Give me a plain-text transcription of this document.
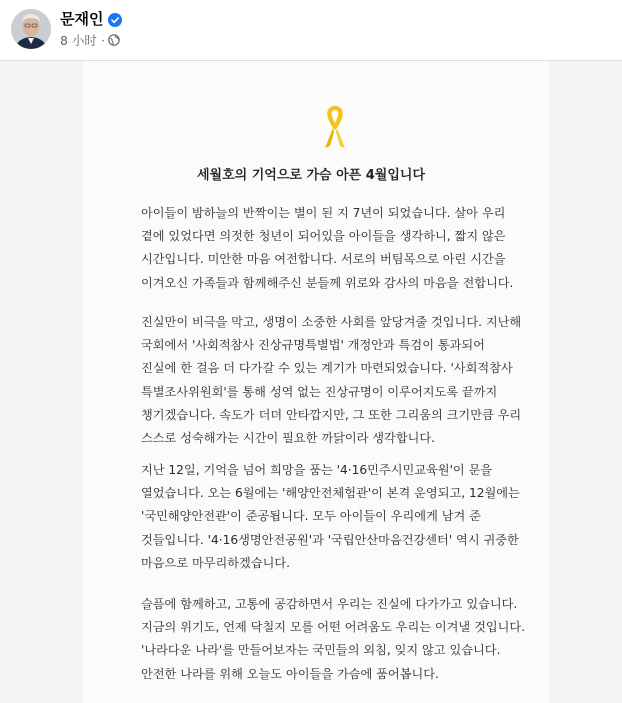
문재인
8 小时 ·
세월호의 기억으로 가슴 아픈 4월입니다
아이들이 밤하늘의 반짝이는 별이 된 지 7년이 되었습니다. 살아 우리
곁에 있었다면 의젓한 청년이 되어있을 아이들을 생각하니, 짧지 않은
시간입니다. 미안한 마음 여전합니다. 서로의 버팀목으로 아린 시간을
이겨오신 가족들과 함께해주신 분들께 위로와 감사의 마음을 전합니다.
진실만이 비극을 막고, 생명이 소중한 사회를 앞당겨줄 것입니다. 지난해
국회에서 '사회적참사 진상규명특별법' 개정안과 특검이 통과되어
진실에 한 걸음 더 다가갈 수 있는 계기가 마련되었습니다. '사회적참사
특별조사위원회'를 통해 성역 없는 진상규명이 이루어지도록 끝까지
챙기겠습니다. 속도가 더뎌 안타깝지만, 그 또한 그리움의 크기만큼 우리
스스로 성숙해가는 시간이 필요한 까닭이라 생각합니다.
지난 12일, 기억을 넘어 희망을 품는 '4·16민주시민교육원'이 문을
열었습니다. 오는 6월에는 '해양안전체험관'이 본격 운영되고, 12월에는
'국민해양안전관'이 준공됩니다. 모두 아이들이 우리에게 남겨 준
것들입니다. '4·16생명안전공원'과 '국립안산마음건강센터' 역시 귀중한
마음으로 마무리하겠습니다.
슬픔에 함께하고, 고통에 공감하면서 우리는 진실에 다가가고 있습니다.
지금의 위기도, 언제 닥칠지 모를 어떤 어려움도 우리는 이겨낼 것입니다.
'나라다운 나라'를 만들어보자는 국민들의 외침, 잊지 않고 있습니다.
안전한 나라를 위해 오늘도 아이들을 가슴에 품어봅니다.
